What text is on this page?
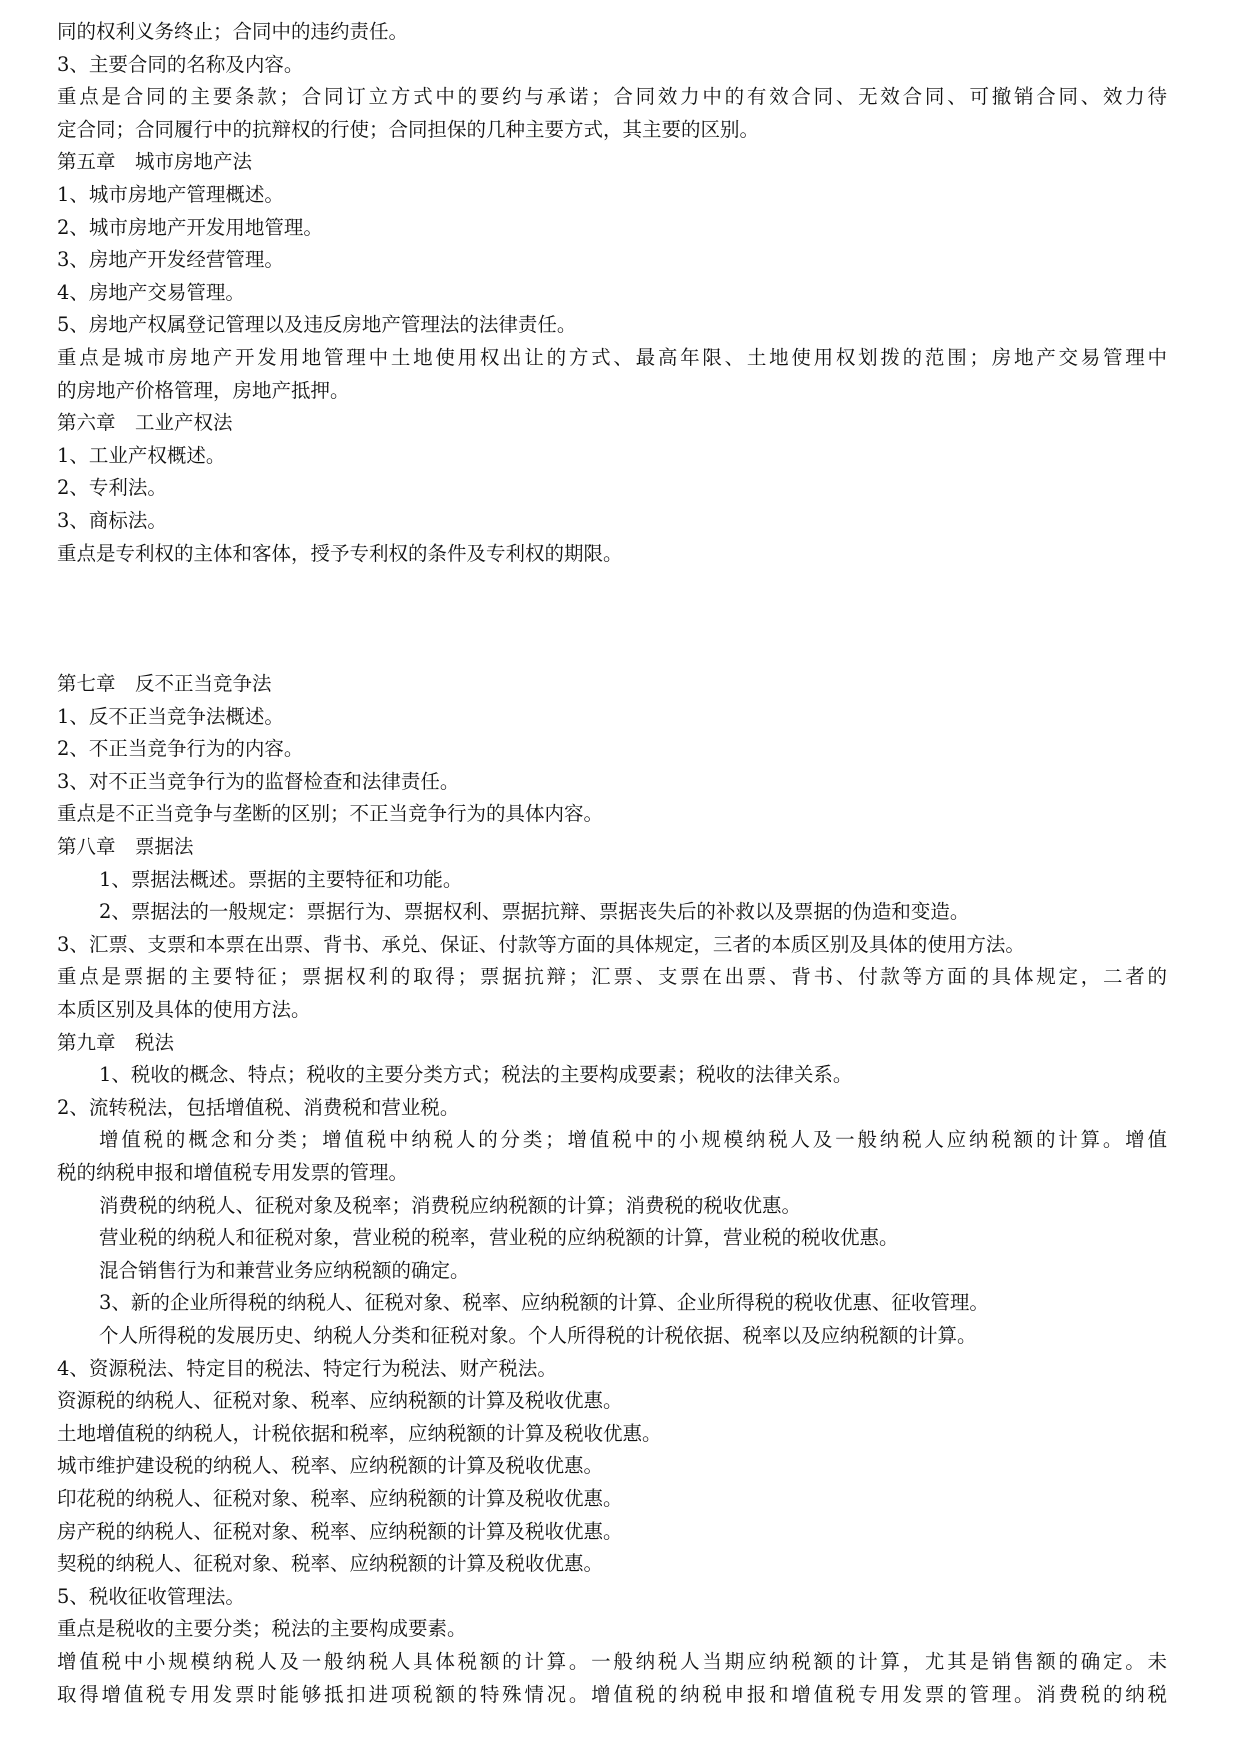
同的权利义务终止；合同中的违约责任。
3、主要合同的名称及内容。
重点是合同的主要条款；合同订立方式中的要约与承诺；合同效力中的有效合同、无效合同、可撤销合同、效力待
定合同；合同履行中的抗辩权的行使；合同担保的几种主要方式，其主要的区别。
第五章　城市房地产法
1、城市房地产管理概述。
2、城市房地产开发用地管理。
3、房地产开发经营管理。
4、房地产交易管理。
5、房地产权属登记管理以及违反房地产管理法的法律责任。
重点是城市房地产开发用地管理中土地使用权出让的方式、最高年限、土地使用权划拨的范围；房地产交易管理中
的房地产价格管理，房地产抵押。
第六章　工业产权法
1、工业产权概述。
2、专利法。
3、商标法。
重点是专利权的主体和客体，授予专利权的条件及专利权的期限。
第七章　反不正当竞争法
1、反不正当竞争法概述。
2、不正当竞争行为的内容。
3、对不正当竞争行为的监督检查和法律责任。
重点是不正当竞争与垄断的区别；不正当竞争行为的具体内容。
第八章　票据法
1、票据法概述。票据的主要特征和功能。
2、票据法的一般规定：票据行为、票据权利、票据抗辩、票据丧失后的补救以及票据的伪造和变造。
3、汇票、支票和本票在出票、背书、承兑、保证、付款等方面的具体规定，三者的本质区别及具体的使用方法。
重点是票据的主要特征；票据权利的取得；票据抗辩；汇票、支票在出票、背书、付款等方面的具体规定，二者的
本质区别及具体的使用方法。
第九章　税法
1、税收的概念、特点；税收的主要分类方式；税法的主要构成要素；税收的法律关系。
2、流转税法，包括增值税、消费税和营业税。
增值税的概念和分类；增值税中纳税人的分类；增值税中的小规模纳税人及一般纳税人应纳税额的计算。增值
税的纳税申报和增值税专用发票的管理。
消费税的纳税人、征税对象及税率；消费税应纳税额的计算；消费税的税收优惠。
营业税的纳税人和征税对象，营业税的税率，营业税的应纳税额的计算，营业税的税收优惠。
混合销售行为和兼营业务应纳税额的确定。
3、新的企业所得税的纳税人、征税对象、税率、应纳税额的计算、企业所得税的税收优惠、征收管理。
个人所得税的发展历史、纳税人分类和征税对象。个人所得税的计税依据、税率以及应纳税额的计算。
4、资源税法、特定目的税法、特定行为税法、财产税法。
资源税的纳税人、征税对象、税率、应纳税额的计算及税收优惠。
土地增值税的纳税人，计税依据和税率，应纳税额的计算及税收优惠。
城市维护建设税的纳税人、税率、应纳税额的计算及税收优惠。
印花税的纳税人、征税对象、税率、应纳税额的计算及税收优惠。
房产税的纳税人、征税对象、税率、应纳税额的计算及税收优惠。
契税的纳税人、征税对象、税率、应纳税额的计算及税收优惠。
5、税收征收管理法。
重点是税收的主要分类；税法的主要构成要素。
增值税中小规模纳税人及一般纳税人具体税额的计算。一般纳税人当期应纳税额的计算，尤其是销售额的确定。未
取得增值税专用发票时能够抵扣进项税额的特殊情况。增值税的纳税申报和增值税专用发票的管理。消费税的纳税
